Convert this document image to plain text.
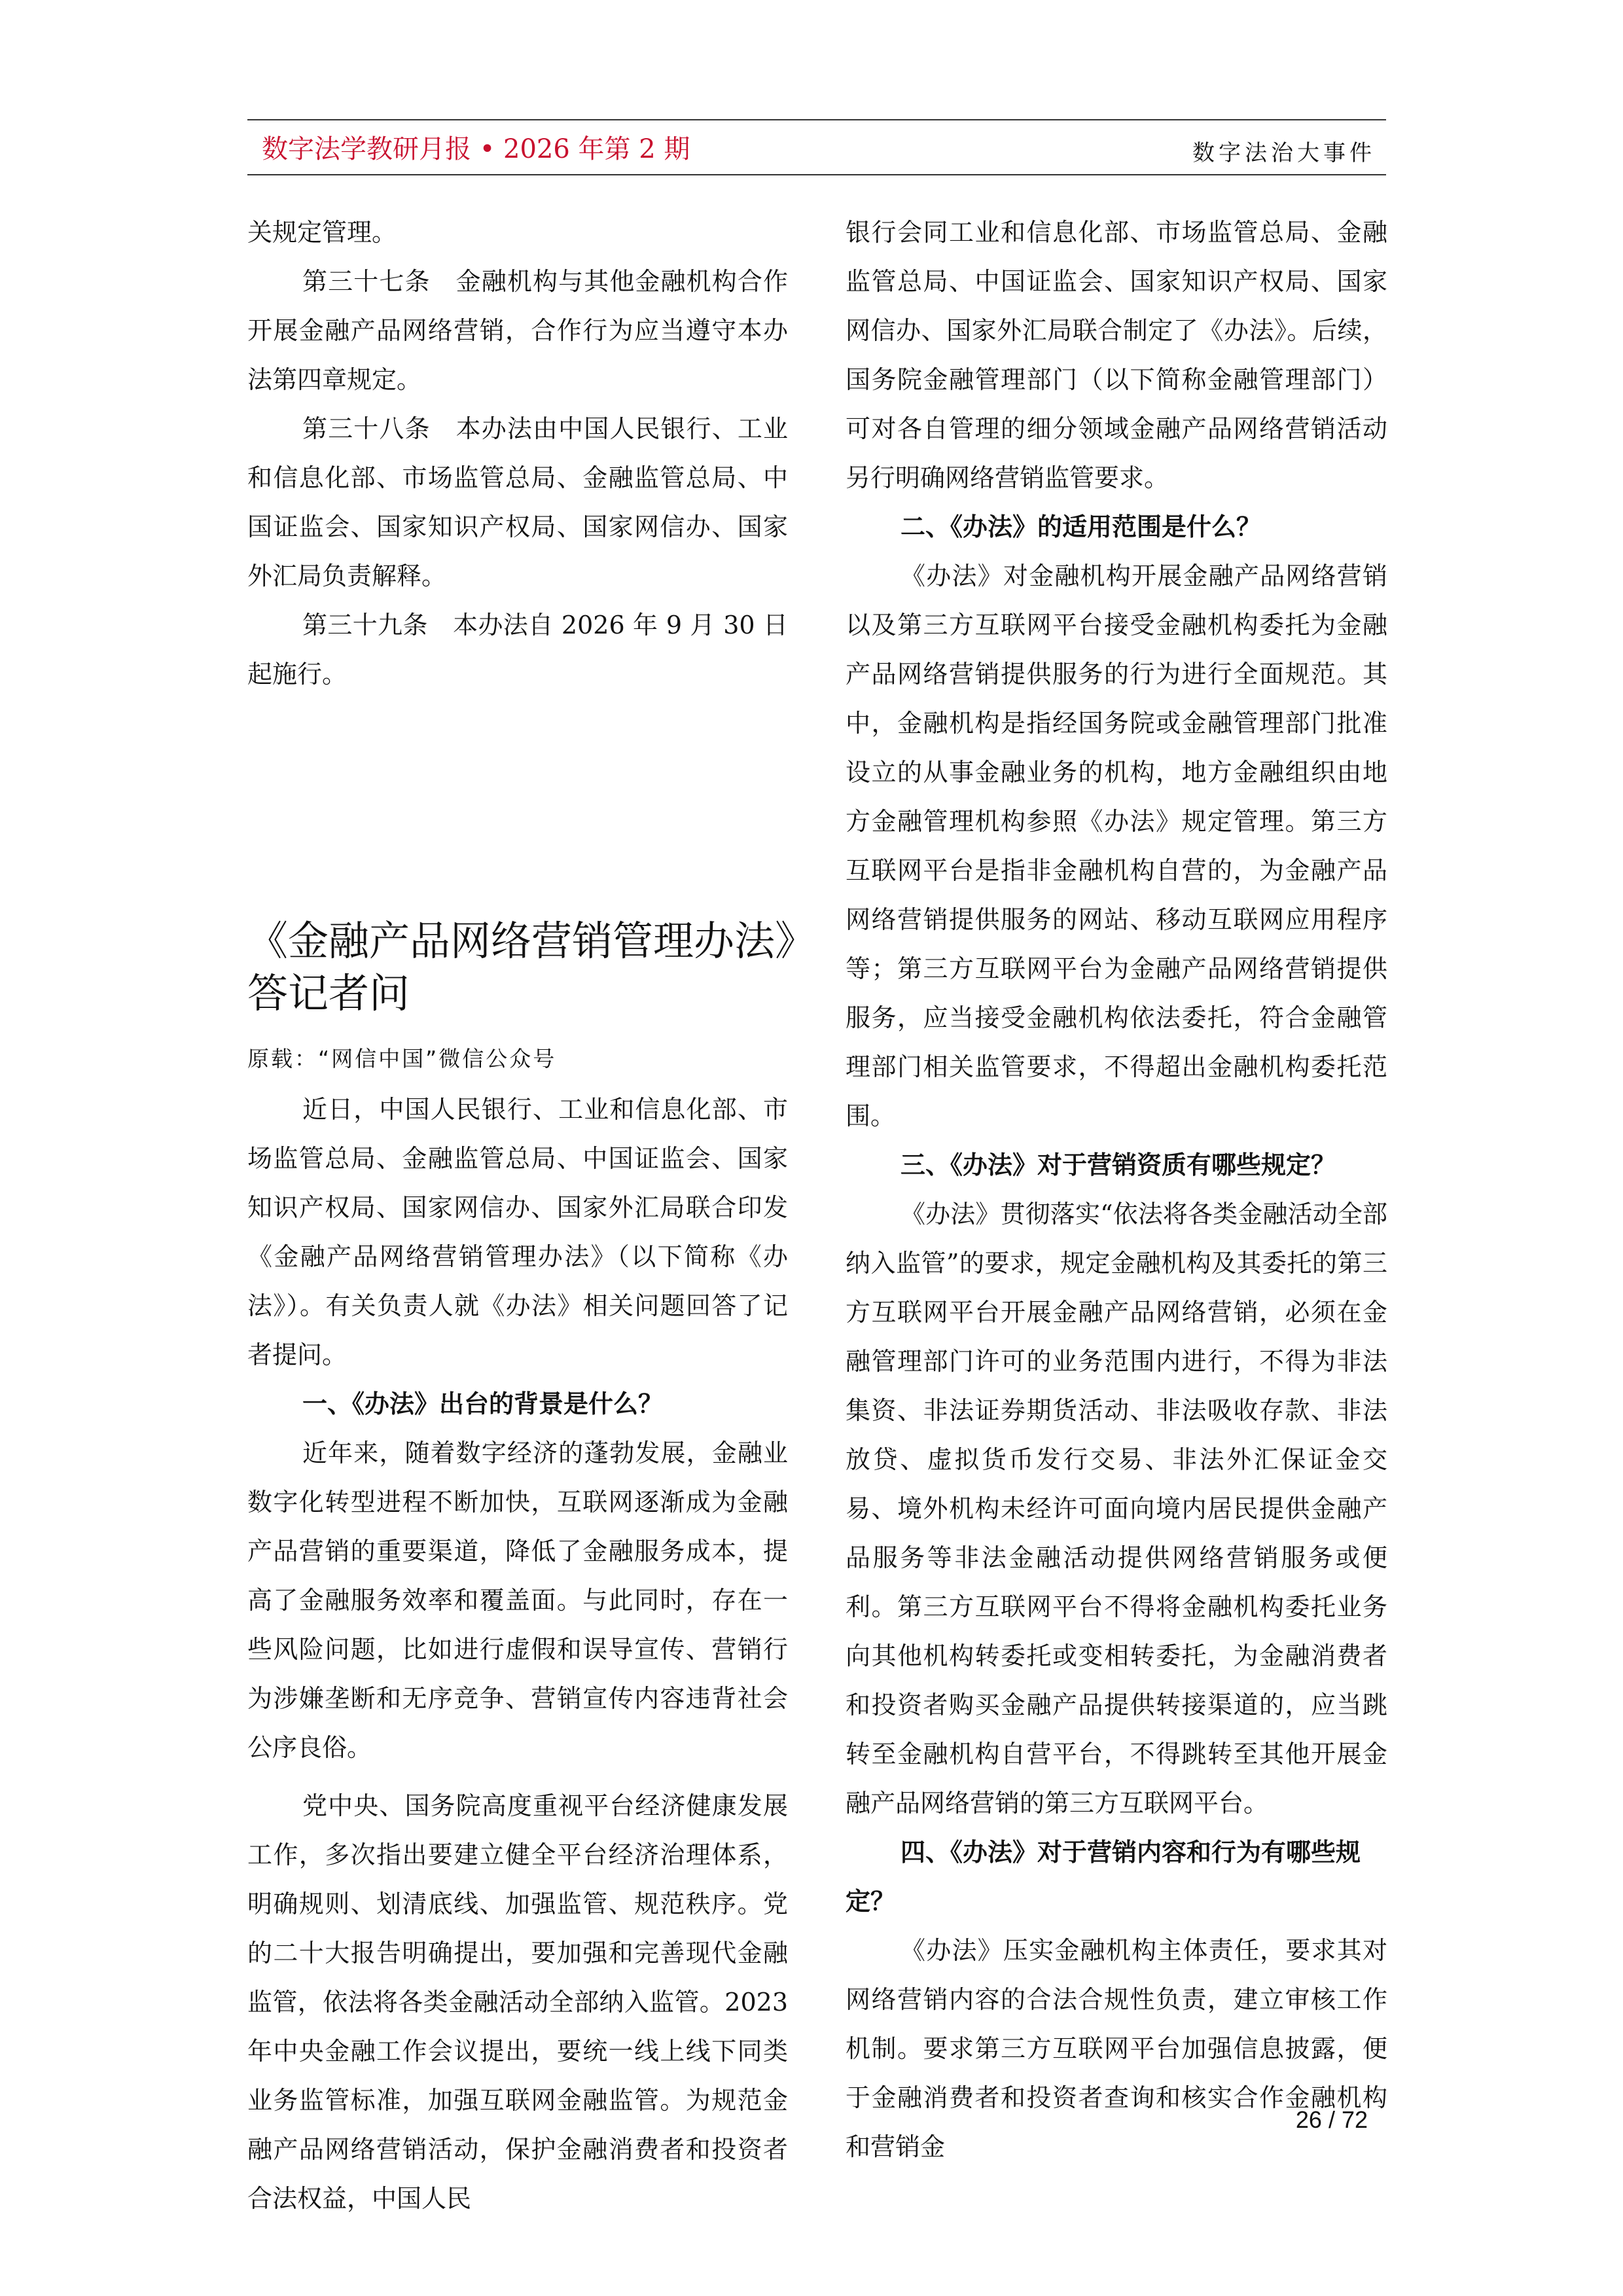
数字法学教研月报 • 2026 年第 2 期	数字法治大事件

关规定管理。

第三十七条　金融机构与其他金融机构合作开展金融产品网络营销，合作行为应当遵守本办法第四章规定。

第三十八条　本办法由中国人民银行、工业和信息化部、市场监管总局、金融监管总局、中国证监会、国家知识产权局、国家网信办、国家外汇局负责解释。

第三十九条　本办法自 2026 年 9 月 30 日起施行。

《金融产品网络营销管理办法》答记者问
原载：“网信中国”微信公众号

近日，中国人民银行、工业和信息化部、市场监管总局、金融监管总局、中国证监会、国家知识产权局、国家网信办、国家外汇局联合印发《金融产品网络营销管理办法》（以下简称《办法》）。有关负责人就《办法》相关问题回答了记者提问。

一、《办法》出台的背景是什么？

近年来，随着数字经济的蓬勃发展，金融业数字化转型进程不断加快，互联网逐渐成为金融产品营销的重要渠道，降低了金融服务成本，提高了金融服务效率和覆盖面。与此同时，存在一些风险问题，比如进行虚假和误导宣传、营销行为涉嫌垄断和无序竞争、营销宣传内容违背社会公序良俗。

党中央、国务院高度重视平台经济健康发展工作，多次指出要建立健全平台经济治理体系，明确规则、划清底线、加强监管、规范秩序。党的二十大报告明确提出，要加强和完善现代金融监管，依法将各类金融活动全部纳入监管。2023 年中央金融工作会议提出，要统一线上线下同类业务监管标准，加强互联网金融监管。为规范金融产品网络营销活动，保护金融消费者和投资者合法权益，中国人民

银行会同工业和信息化部、市场监管总局、金融监管总局、中国证监会、国家知识产权局、国家网信办、国家外汇局联合制定了《办法》。后续，国务院金融管理部门（以下简称金融管理部门）可对各自管理的细分领域金融产品网络营销活动另行明确网络营销监管要求。

二、《办法》的适用范围是什么？

《办法》对金融机构开展金融产品网络营销以及第三方互联网平台接受金融机构委托为金融产品网络营销提供服务的行为进行全面规范。其中，金融机构是指经国务院或金融管理部门批准设立的从事金融业务的机构，地方金融组织由地方金融管理机构参照《办法》规定管理。第三方互联网平台是指非金融机构自营的，为金融产品网络营销提供服务的网站、移动互联网应用程序等；第三方互联网平台为金融产品网络营销提供服务，应当接受金融机构依法委托，符合金融管理部门相关监管要求，不得超出金融机构委托范围。

三、《办法》对于营销资质有哪些规定？

《办法》贯彻落实“依法将各类金融活动全部纳入监管”的要求，规定金融机构及其委托的第三方互联网平台开展金融产品网络营销，必须在金融管理部门许可的业务范围内进行，不得为非法集资、非法证券期货活动、非法吸收存款、非法放贷、虚拟货币发行交易、非法外汇保证金交易、境外机构未经许可面向境内居民提供金融产品服务等非法金融活动提供网络营销服务或便利。第三方互联网平台不得将金融机构委托业务向其他机构转委托或变相转委托，为金融消费者和投资者购买金融产品提供转接渠道的，应当跳转至金融机构自营平台，不得跳转至其他开展金融产品网络营销的第三方互联网平台。

四、《办法》对于营销内容和行为有哪些规定？

《办法》压实金融机构主体责任，要求其对网络营销内容的合法合规性负责，建立审核工作机制。要求第三方互联网平台加强信息披露，便于金融消费者和投资者查询和核实合作金融机构和营销金

26 / 72
